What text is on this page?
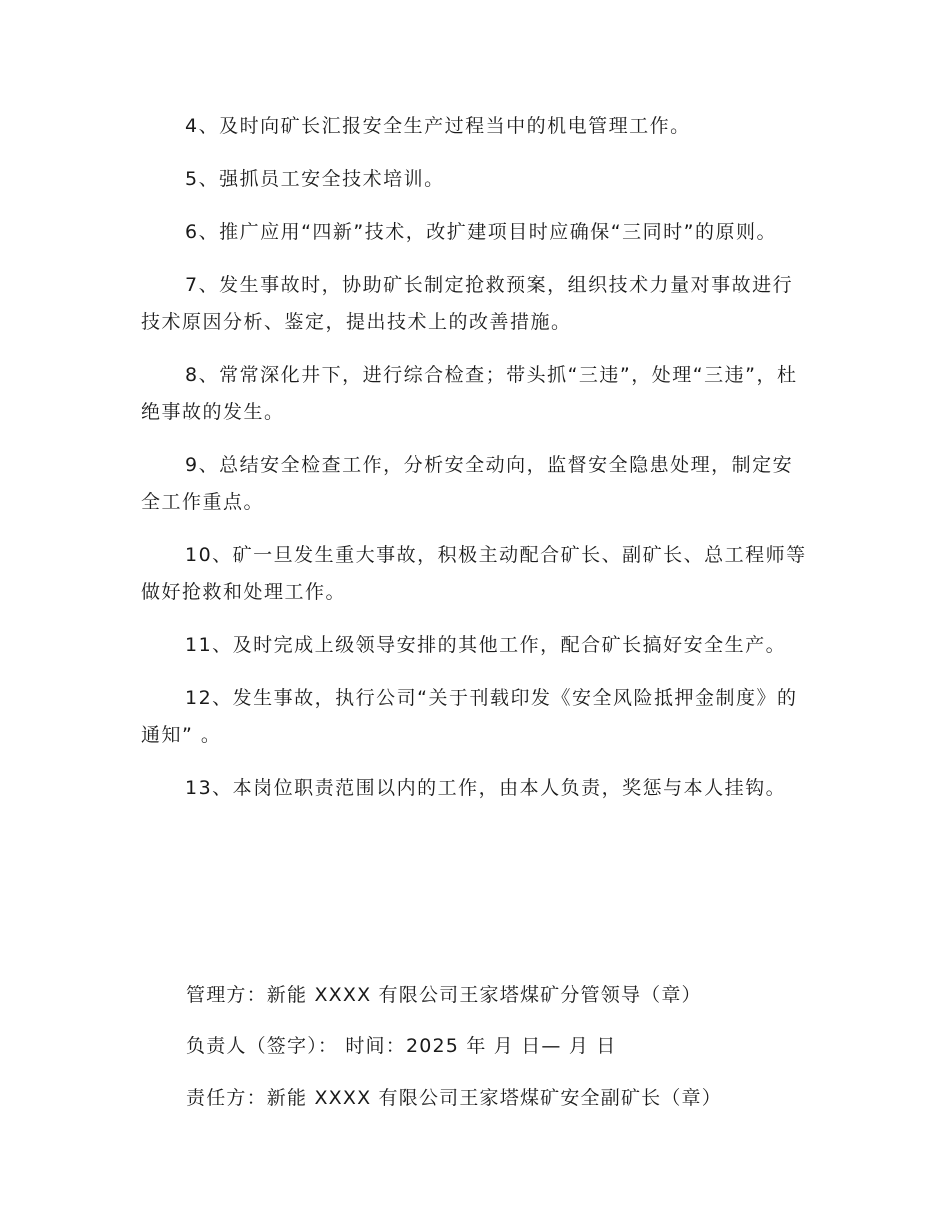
4、及时向矿长汇报安全生产过程当中的机电管理工作。

5、强抓员工安全技术培训。

6、推广应用“四新”技术，改扩建项目时应确保“三同时”的原则。

7、发生事故时，协助矿长制定抢救预案，组织技术力量对事故进行技术原因分析、鉴定，提出技术上的改善措施。

8、常常深化井下，进行综合检查；带头抓“三违”，处理“三违”，杜绝事故的发生。

9、总结安全检查工作，分析安全动向，监督安全隐患处理，制定安全工作重点。

10、矿一旦发生重大事故，积极主动配合矿长、副矿长、总工程师等做好抢救和处理工作。

11、及时完成上级领导安排的其他工作，配合矿长搞好安全生产。

12、发生事故，执行公司“关于刊载印发《安全风险抵押金制度》的通知” 。

13、本岗位职责范围以内的工作，由本人负责，奖惩与本人挂钩。

管理方：新能 XXXX 有限公司王家塔煤矿分管领导（章）
负责人（签字）： 时间：2025 年 月 日— 月 日
责任方：新能 XXXX 有限公司王家塔煤矿安全副矿长（章）
